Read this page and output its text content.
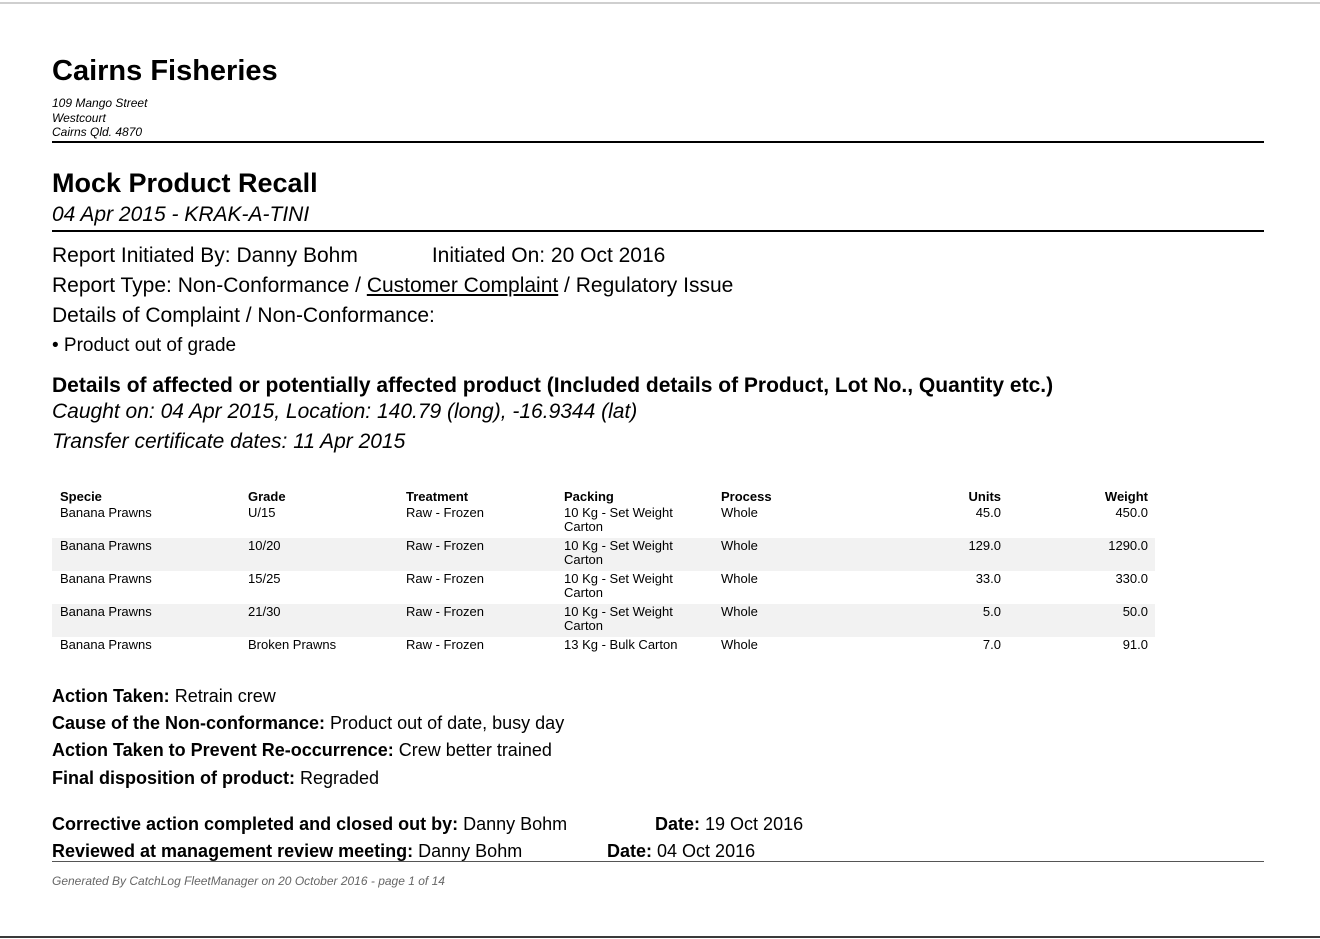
Cairns Fisheries
109 Mango Street
Westcourt
Cairns Qld. 4870
Mock Product Recall
04 Apr 2015 - KRAK-A-TINI
Report Initiated By: Danny Bohm	Initiated On: 20 Oct 2016
Report Type: Non-Conformance / Customer Complaint / Regulatory Issue
Details of Complaint / Non-Conformance:
• Product out of grade
Details of affected or potentially affected product (Included details of Product, Lot No., Quantity etc.)
Caught on: 04 Apr 2015, Location: 140.79 (long), -16.9344 (lat)
Transfer certificate dates: 11 Apr 2015
Specie	Grade	Treatment	Packing	Process	Units	Weight
Banana Prawns	U/15	Raw - Frozen	10 Kg - Set Weight Carton	Whole	45.0	450.0
Banana Prawns	10/20	Raw - Frozen	10 Kg - Set Weight Carton	Whole	129.0	1290.0
Banana Prawns	15/25	Raw - Frozen	10 Kg - Set Weight Carton	Whole	33.0	330.0
Banana Prawns	21/30	Raw - Frozen	10 Kg - Set Weight Carton	Whole	5.0	50.0
Banana Prawns	Broken Prawns	Raw - Frozen	13 Kg - Bulk Carton	Whole	7.0	91.0
Action Taken: Retrain crew
Cause of the Non-conformance: Product out of date, busy day
Action Taken to Prevent Re-occurrence: Crew better trained
Final disposition of product: Regraded
Corrective action completed and closed out by: Danny Bohm	Date: 19 Oct 2016
Reviewed at management review meeting: Danny Bohm	Date: 04 Oct 2016
Generated By CatchLog FleetManager on 20 October 2016 - page 1 of 14
